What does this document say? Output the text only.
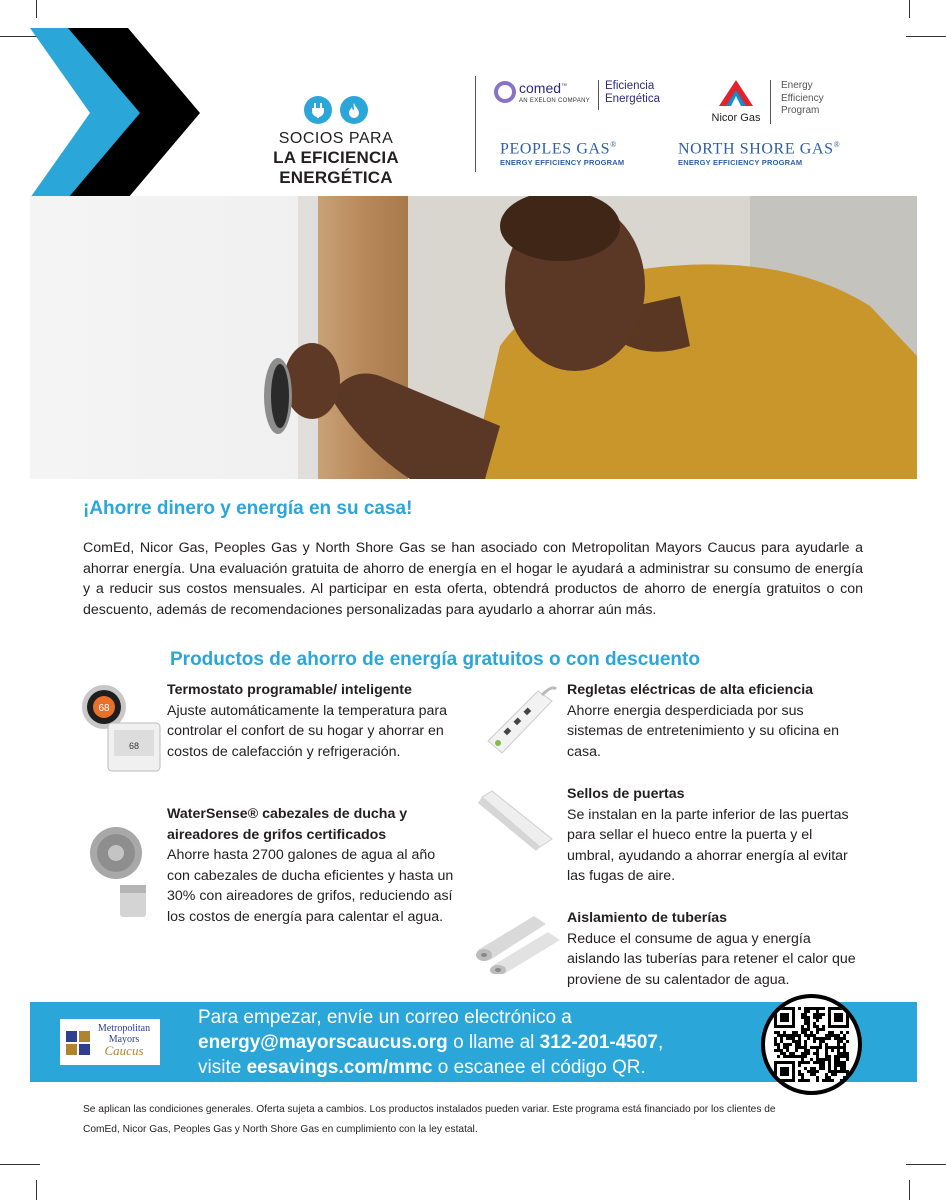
SOCIOS PARA
LA EFICIENCIA ENERGÉTICA
comed™
AN EXELON COMPANY
Eficiencia
Energética
Nicor Gas
Energy
Efficiency
Program
PEOPLES GAS®
ENERGY EFFICIENCY PROGRAM
NORTH SHORE GAS®
ENERGY EFFICIENCY PROGRAM
¡Ahorre dinero y energía en su casa!
ComEd, Nicor Gas, Peoples Gas y North Shore Gas se han asociado con Metropolitan Mayors Caucus para ayudarle a ahorrar energía. Una evaluación gratuita de ahorro de energía en el hogar le ayudará a administrar su consumo de energía y a reducir sus costos mensuales. Al participar en esta oferta, obtendrá productos de ahorro de energía gratuitos o con descuento, además de recomendaciones personalizadas para ayudarlo a ahorrar aún más.
Productos de ahorro de energía gratuitos o con descuento
68
68
Termostato programable/ inteligente
Ajuste automáticamente la temperatura para controlar el confort de su hogar y ahorrar en costos de calefacción y refrigeración.
WaterSense® cabezales de ducha y
aireadores de grifos certificados
Ahorre hasta 2700 galones de agua al año con cabezales de ducha eficientes y hasta un 30% con aireadores de grifos, reduciendo así los costos de energía para calentar el agua.
Regletas eléctricas de alta eficiencia
Ahorre energia desperdiciada por sus sistemas de entretenimiento y su oficina en casa.
Sellos de puertas
Se instalan en la parte inferior de las puertas para sellar el hueco entre la puerta y el umbral, ayudando a ahorrar energía al evitar las fugas de aire.
Aislamiento de tuberías
Reduce el consume de agua y energía aislando las tuberías para retener el calor que proviene de su calentador de agua.
Metropolitan
Mayors
Caucus
Para empezar, envíe un correo electrónico a
energy@mayorscaucus.org o llame al 312-201-4507,
visite eesavings.com/mmc o escanee el código QR.
Se aplican las condiciones generales. Oferta sujeta a cambios. Los productos instalados pueden variar. Este programa está financiado por los clientes de ComEd, Nicor Gas, Peoples Gas y North Shore Gas en cumplimiento con la ley estatal.
